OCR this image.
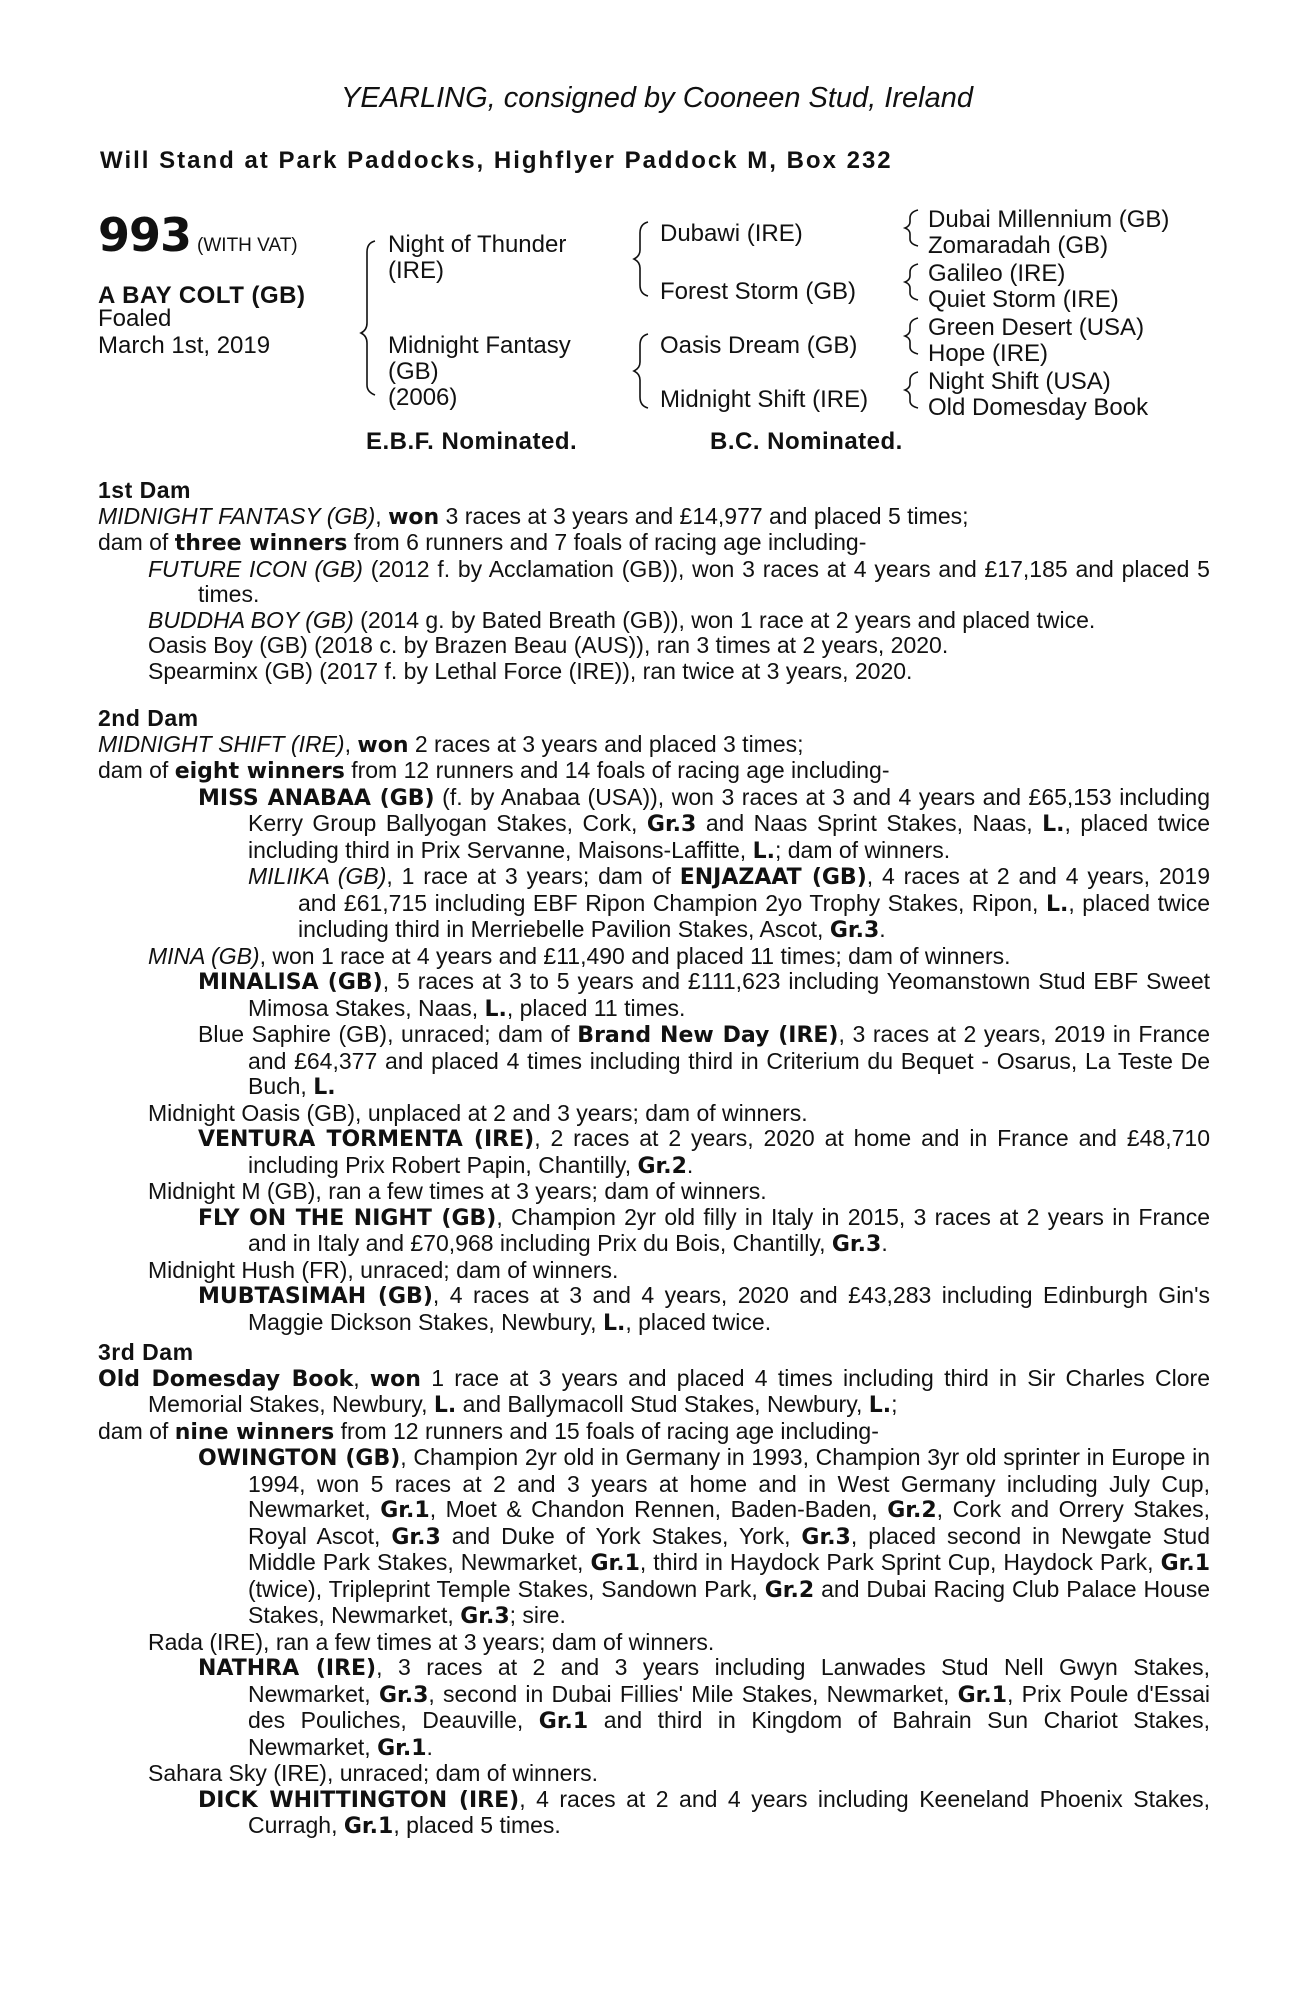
YEARLING, consigned by Cooneen Stud, Ireland
Will Stand at Park Paddocks, Highflyer Paddock M, Box 232
993 (WITH VAT)
A BAY COLT (GB)
Foaled
March 1st, 2019
Night of Thunder
(IRE)
Midnight Fantasy
(GB)
(2006)
Dubawi (IRE)
Forest Storm (GB)
Oasis Dream (GB)
Midnight Shift (IRE)
Dubai Millennium (GB)
Zomaradah (GB)
Galileo (IRE)
Quiet Storm (IRE)
Green Desert (USA)
Hope (IRE)
Night Shift (USA)
Old Domesday Book
E.B.F. Nominated.	B.C. Nominated.
1st Dam

MIDNIGHT FANTASY (GB), won 3 races at 3 years and £14,977 and placed 5 times;

dam of three winners from 6 runners and 7 foals of racing age including-

FUTURE ICON (GB) (2012 f. by Acclamation (GB)), won 3 races at 4 years and £17,185 and placed 5 times.

BUDDHA BOY (GB) (2014 g. by Bated Breath (GB)), won 1 race at 2 years and placed twice.

Oasis Boy (GB) (2018 c. by Brazen Beau (AUS)), ran 3 times at 2 years, 2020.

Spearminx (GB) (2017 f. by Lethal Force (IRE)), ran twice at 3 years, 2020.

2nd Dam

MIDNIGHT SHIFT (IRE), won 2 races at 3 years and placed 3 times;

dam of eight winners from 12 runners and 14 foals of racing age including-

MISS ANABAA (GB) (f. by Anabaa (USA)), won 3 races at 3 and 4 years and £65,153 including Kerry Group Ballyogan Stakes, Cork, Gr.3 and Naas Sprint Stakes, Naas, L., placed twice including third in Prix Servanne, Maisons-Laffitte, L.; dam of winners.

MILIIKA (GB), 1 race at 3 years; dam of ENJAZAAT (GB), 4 races at 2 and 4 years, 2019 and £61,715 including EBF Ripon Champion 2yo Trophy Stakes, Ripon, L., placed twice including third in Merriebelle Pavilion Stakes, Ascot, Gr.3.

MINA (GB), won 1 race at 4 years and £11,490 and placed 11 times; dam of winners.

MINALISA (GB), 5 races at 3 to 5 years and £111,623 including Yeomanstown Stud EBF Sweet Mimosa Stakes, Naas, L., placed 11 times.

Blue Saphire (GB), unraced; dam of Brand New Day (IRE), 3 races at 2 years, 2019 in France and £64,377 and placed 4 times including third in Criterium du Bequet - Osarus, La Teste De Buch, L.

Midnight Oasis (GB), unplaced at 2 and 3 years; dam of winners.

VENTURA TORMENTA (IRE), 2 races at 2 years, 2020 at home and in France and £48,710 including Prix Robert Papin, Chantilly, Gr.2.

Midnight M (GB), ran a few times at 3 years; dam of winners.

FLY ON THE NIGHT (GB), Champion 2yr old filly in Italy in 2015, 3 races at 2 years in France and in Italy and £70,968 including Prix du Bois, Chantilly, Gr.3.

Midnight Hush (FR), unraced; dam of winners.

MUBTASIMAH (GB), 4 races at 3 and 4 years, 2020 and £43,283 including Edinburgh Gin's Maggie Dickson Stakes, Newbury, L., placed twice.

3rd Dam

Old Domesday Book, won 1 race at 3 years and placed 4 times including third in Sir Charles Clore Memorial Stakes, Newbury, L. and Ballymacoll Stud Stakes, Newbury, L.;

dam of nine winners from 12 runners and 15 foals of racing age including-

OWINGTON (GB), Champion 2yr old in Germany in 1993, Champion 3yr old sprinter in Europe in 1994, won 5 races at 2 and 3 years at home and in West Germany including July Cup, Newmarket, Gr.1, Moet & Chandon Rennen, Baden-Baden, Gr.2, Cork and Orrery Stakes, Royal Ascot, Gr.3 and Duke of York Stakes, York, Gr.3, placed second in Newgate Stud Middle Park Stakes, Newmarket, Gr.1, third in Haydock Park Sprint Cup, Haydock Park, Gr.1 (twice), Tripleprint Temple Stakes, Sandown Park, Gr.2 and Dubai Racing Club Palace House Stakes, Newmarket, Gr.3; sire.

Rada (IRE), ran a few times at 3 years; dam of winners.

NATHRA (IRE), 3 races at 2 and 3 years including Lanwades Stud Nell Gwyn Stakes, Newmarket, Gr.3, second in Dubai Fillies' Mile Stakes, Newmarket, Gr.1, Prix Poule d'Essai des Pouliches, Deauville, Gr.1 and third in Kingdom of Bahrain Sun Chariot Stakes, Newmarket, Gr.1.

Sahara Sky (IRE), unraced; dam of winners.

DICK WHITTINGTON (IRE), 4 races at 2 and 4 years including Keeneland Phoenix Stakes, Curragh, Gr.1, placed 5 times.
